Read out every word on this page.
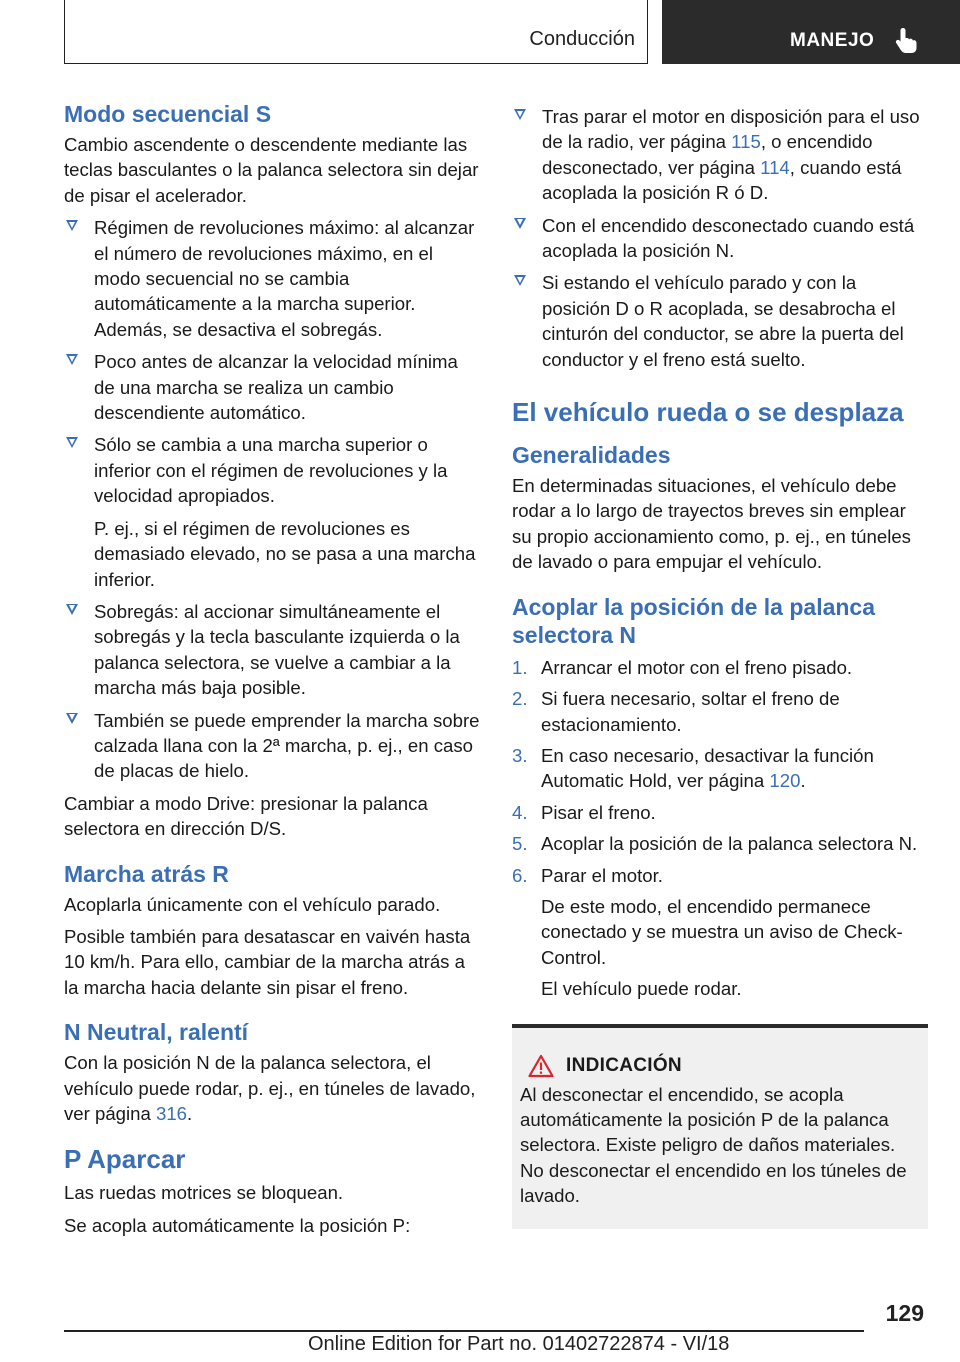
Conducción	MANEJO
Modo secuencial S

Cambio ascendente o descendente mediante las teclas basculantes o la palanca selectora sin dejar de pisar el acelerador.

Régimen de revoluciones máximo: al alcanzar el número de revoluciones máximo, en el modo secuencial no se cambia automáticamente a la marcha superior. Además, se desactiva el sobregás.

Poco antes de alcanzar la velocidad mínima de una marcha se realiza un cambio descendiente automático.

Sólo se cambia a una marcha superior o inferior con el régimen de revoluciones y la velocidad apropiados.

P. ej., si el régimen de revoluciones es demasiado elevado, no se pasa a una marcha inferior.

Sobregás: al accionar simultáneamente el sobregás y la tecla basculante izquierda o la palanca selectora, se vuelve a cambiar a la marcha más baja posible.

También se puede emprender la marcha sobre calzada llana con la 2ª marcha, p. ej., en caso de placas de hielo.

Cambiar a modo Drive: presionar la palanca selectora en dirección D/S.

Marcha atrás R

Acoplarla únicamente con el vehículo parado.

Posible también para desatascar en vaivén hasta 10 km/h. Para ello, cambiar de la marcha atrás a la marcha hacia delante sin pisar el freno.

N Neutral, ralentí

Con la posición N de la palanca selectora, el vehículo puede rodar, p. ej., en túneles de lavado, ver página 316.

P Aparcar

Las ruedas motrices se bloquean.

Se acopla automáticamente la posición P:

Tras parar el motor en disposición para el uso de la radio, ver página 115, o encendido desconectado, ver página 114, cuando está acoplada la posición R ó D.

Con el encendido desconectado cuando está acoplada la posición N.

Si estando el vehículo parado y con la posición D o R acoplada, se desabrocha el cinturón del conductor, se abre la puerta del conductor y el freno está suelto.

El vehículo rueda o se desplaza
Generalidades

En determinadas situaciones, el vehículo debe rodar a lo largo de trayectos breves sin emplear su propio accionamiento como, p. ej., en túneles de lavado o para empujar el vehículo.

Acoplar la posición de la palanca selectora N
1. Arrancar el motor con el freno pisado.

2. Si fuera necesario, soltar el freno de estacionamiento.

3. En caso necesario, desactivar la función Automatic Hold, ver página 120.

4. Pisar el freno.

5. Acoplar la posición de la palanca selectora N.

6. Parar el motor.

De este modo, el encendido permanece conectado y se muestra un aviso de Check-Control.

El vehículo puede rodar.

INDICACIÓN

Al desconectar el encendido, se acopla automáticamente la posición P de la palanca selectora. Existe peligro de daños materiales. No desconectar el encendido en los túneles de lavado.

129
Online Edition for Part no. 01402722874 - VI/18
